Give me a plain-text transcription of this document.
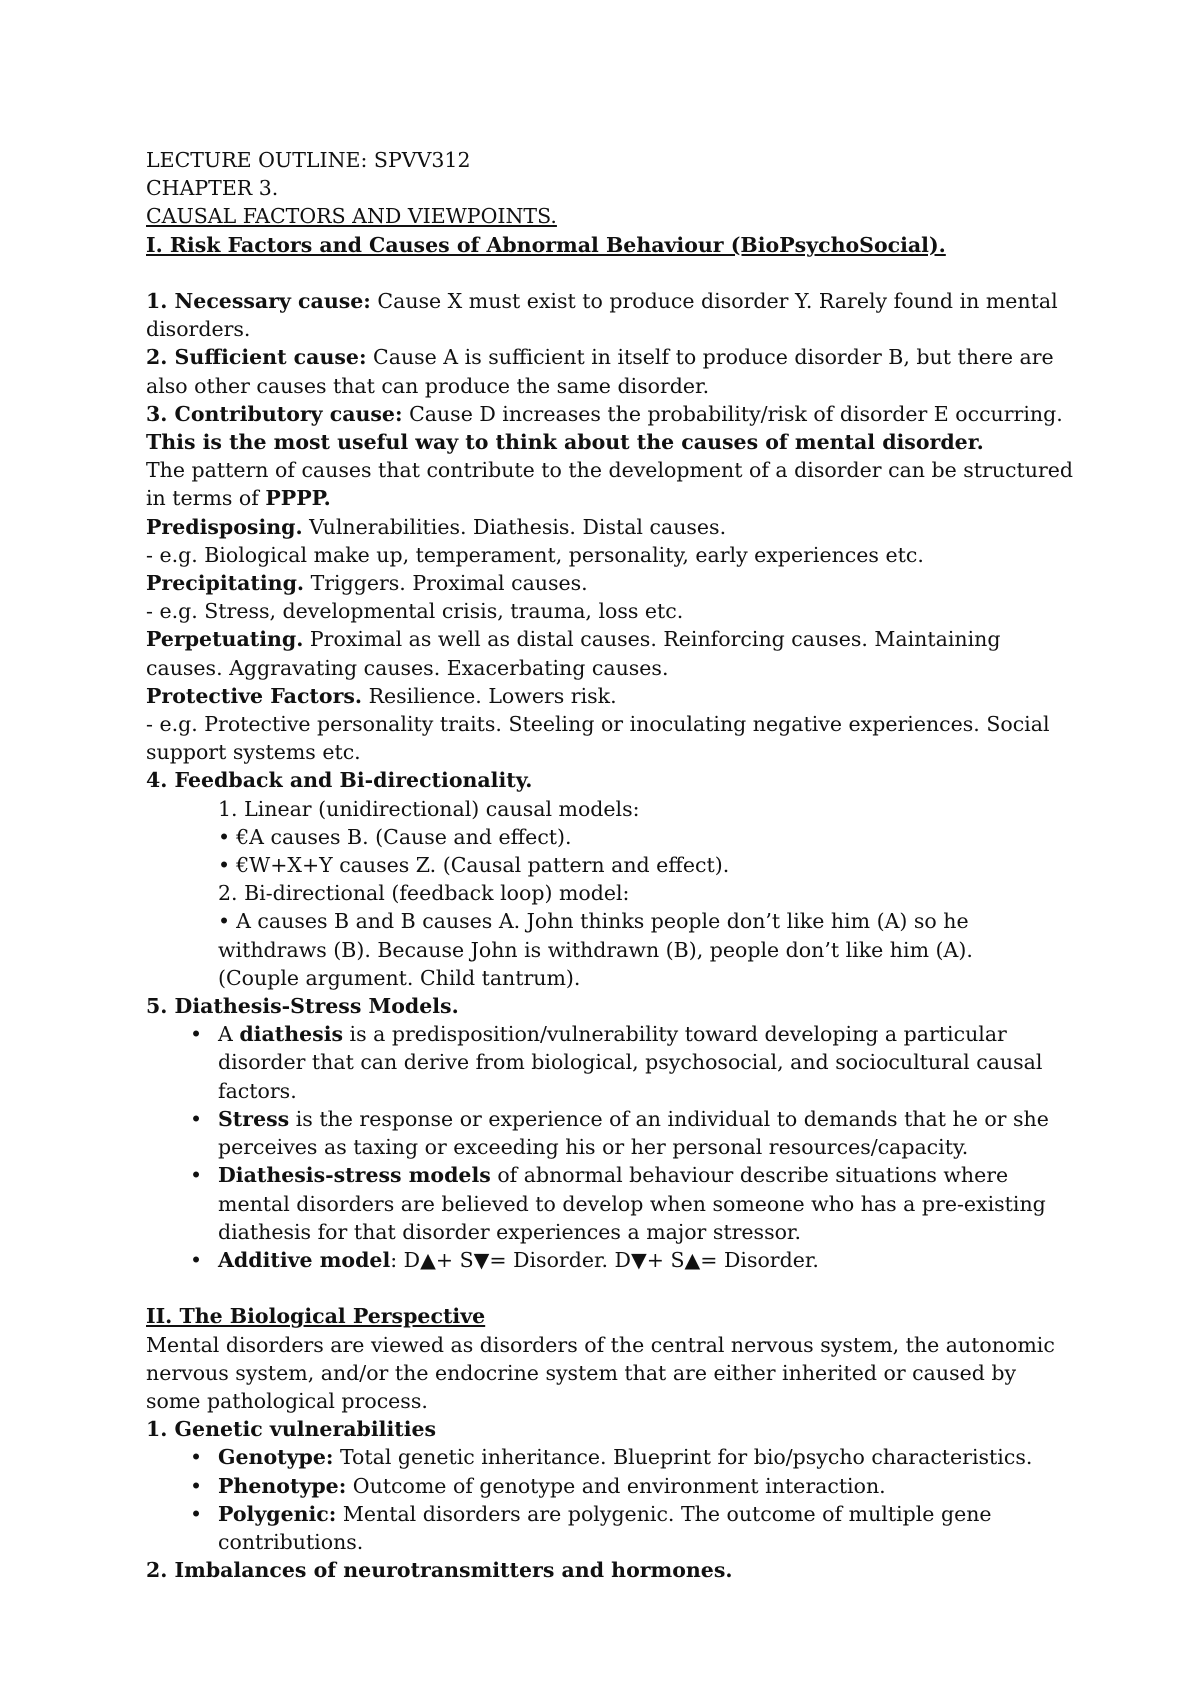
LECTURE OUTLINE: SPVV312

CHAPTER 3.

CAUSAL FACTORS AND VIEWPOINTS.

I. Risk Factors and Causes of Abnormal Behaviour (BioPsychoSocial).

1. Necessary cause: Cause X must exist to produce disorder Y. Rarely found in mental disorders.

2. Sufficient cause: Cause A is sufficient in itself to produce disorder B, but there are also other causes that can produce the same disorder.

3. Contributory cause: Cause D increases the probability/risk of disorder E occurring.

This is the most useful way to think about the causes of mental disorder.

The pattern of causes that contribute to the development of a disorder can be structured in terms of PPPP.

Predisposing. Vulnerabilities. Diathesis. Distal causes.

- e.g. Biological make up, temperament, personality, early experiences etc.

Precipitating. Triggers. Proximal causes.

- e.g. Stress, developmental crisis, trauma, loss etc.

Perpetuating. Proximal as well as distal causes. Reinforcing causes. Maintaining causes. Aggravating causes. Exacerbating causes.

Protective Factors. Resilience. Lowers risk.

- e.g. Protective personality traits. Steeling or inoculating negative experiences. Social support systems etc.

4. Feedback and Bi-directionality.

1. Linear (unidirectional) causal models:

• €A causes B. (Cause and effect).

• €W+X+Y causes Z. (Causal pattern and effect).

2. Bi-directional (feedback loop) model:

• A causes B and B causes A. John thinks people don’t like him (A) so he

withdraws (B). Because John is withdrawn (B), people don’t like him (A).

(Couple argument. Child tantrum).

5. Diathesis-Stress Models.

• A diathesis is a predisposition/vulnerability toward developing a particular disorder that can derive from biological, psychosocial, and sociocultural causal factors.
• Stress is the response or experience of an individual to demands that he or she perceives as taxing or exceeding his or her personal resources/capacity.
• Diathesis-stress models of abnormal behaviour describe situations where mental disorders are believed to develop when someone who has a pre-existing diathesis for that disorder experiences a major stressor.
• Additive model: D▲+ S▼= Disorder. D▼+ S▲= Disorder.

II. The Biological Perspective

Mental disorders are viewed as disorders of the central nervous system, the autonomic nervous system, and/or the endocrine system that are either inherited or caused by some pathological process.

1. Genetic vulnerabilities

• Genotype: Total genetic inheritance. Blueprint for bio/psycho characteristics.
• Phenotype: Outcome of genotype and environment interaction.
• Polygenic: Mental disorders are polygenic. The outcome of multiple gene contributions.

2. Imbalances of neurotransmitters and hormones.
